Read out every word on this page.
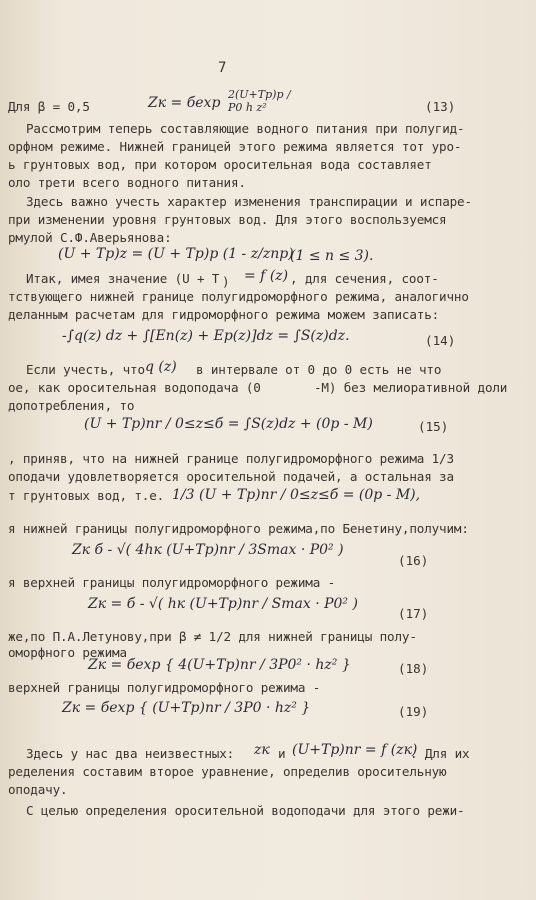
7
Для β = 0,5	Zк = бexp
2(U+Tp)p / P0 h z²	(13)
Рассмотрим теперь составляющие водного питания при полугид-
орфном режиме. Нижней границей этого режима является тот уро-
ь грунтовых вод, при котором оросительная вода составляет
оло трети всего водного питания.
Здесь важно учесть характер изменения транспирации и испаре-
при изменении уровня грунтовых вод. Для этого воспользуемся
рмулой С.Ф.Аверьянова:
(U + Tp)z = (U + Tp)p (1 - z/zпр)
(1 ≤ n ≤ 3).
Итак, имея значение (U + T ) = f (z) , для сечения, соот-
тствующего нижней границе полугидроморфного режима, аналогично
деланным расчетам для гидроморфного режима можем записать:
-∫q(z) dz + ∫[Eп(z) + Ep(z)]dz = ∫S(z)dz.	(14)
Если учесть, что q (z) в интервале от 0 до 0 есть не что
ое, как оросительная водоподача (0	-M) без мелиоративной доли
допотребления, то
(U + Tp)пr / 0≤z≤б = ∫S(z)dz + (0p - M)	(15)
, приняв, что на нижней границе полугидроморфного режима 1/3
оподачи удовлетворяется оросительной подачей, а остальная за
т грунтовых вод, т.е. 1/3 (U + Tp)пr / 0≤z≤б = (0p - M),
я нижней границы полугидроморфного режима,по Бенетину,получим:
Zк б - √( 4hк (U+Tp)пr / 3Smax · P0² )
(16)
я верхней границы полугидроморфного режима -
Zк = б - √( hк (U+Tp)пr / Smax · P0² )
(17)
же,по П.А.Летунову,при β ≠ 1/2 для нижней границы полу-
оморфного режима
Zк = бexp { 4(U+Tp)пr / 3P0² · hz² }	(18)
верхней границы полугидроморфного режима -
Zк = бexp { (U+Tp)пr / 3P0 · hz² }	(19)
Здесь у нас два неизвестных: zк и (U+Tp)пr = f (zк)
. Для их
ределения составим второе уравнение, определив оросительную
оподачу.
С целью определения оросительной водоподачи для этого режи-
